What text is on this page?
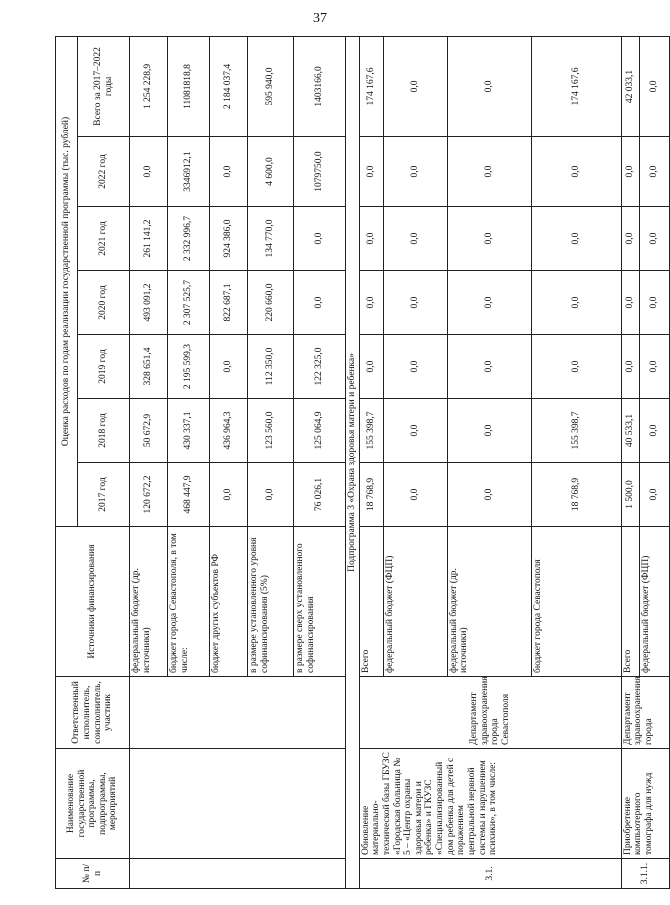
37
№ п/п	Наименование государственной программы, подпрограммы, мероприятий	Ответственный исполнитель, соисполнитель, участник	Источники финансирования	Оценка расходов по годам реализации государственной программы (тыс. рублей)						
				2017 год	2018 год	2019 год	2020 год	2021 год	2022 год	Всего за 2017–2022 годы
			федеральный бюджет (др. источники)	120 672,2	50 672,9	328 651,4	493 091,2	261 141,2	0,0	1 254 228,9
			бюджет города Севастополя, в том числе:	468 447,9	430 337,1	2 195 599,3	2 307 525,7	2 332 996,7	3346912,1	11081818,8
			бюджет других субъектов РФ	0,0	436 964,3	0,0	822 687,1	924 386,0	0,0	2 184 037,4
			в размере установленного уровня софинансирования (5%)	0,0	123 560,0	112 350,0	220 660,0	134 770,0	4 600,0	595 940,0
			в размере сверх установленного софинансирования	76 026,1	125 064,9	122 325,0	0,0	0,0	1079750,0	1403166,0
Подпрограмма 3 «Охрана здоровья матери и ребенка»										
3.1.	Обновление материально-технической базы ГБУЗС «Городская больница № 5 – «Центр охраны здоровья матери и ребенка» и ГКУЗС «Специализированный дом ребенка для детей с поражением центральной нервной системы и нарушением психики», в том числе:	Департамент здравоохранения города Севастополя	Всего	18 768,9	155 398,7	0,0	0,0	0,0	0,0	174 167,6
			федеральный бюджет (ФЦП)	0,0	0,0	0,0	0,0	0,0	0,0	0,0
			федеральный бюджет (др. источники)	0,0	0,0	0,0	0,0	0,0	0,0	0,0
			бюджет города Севастополя	18 768,9	155 398,7	0,0	0,0	0,0	0,0	174 167,6
3.1.1.	Приобретение компьютерного томографа для нужд	Департамент здравоохранения города	Всего	1 500,0	40 533,1	0,0	0,0	0,0	0,0	42 033,1
			федеральный бюджет (ФЦП)	0,0	0,0	0,0	0,0	0,0	0,0	0,0
